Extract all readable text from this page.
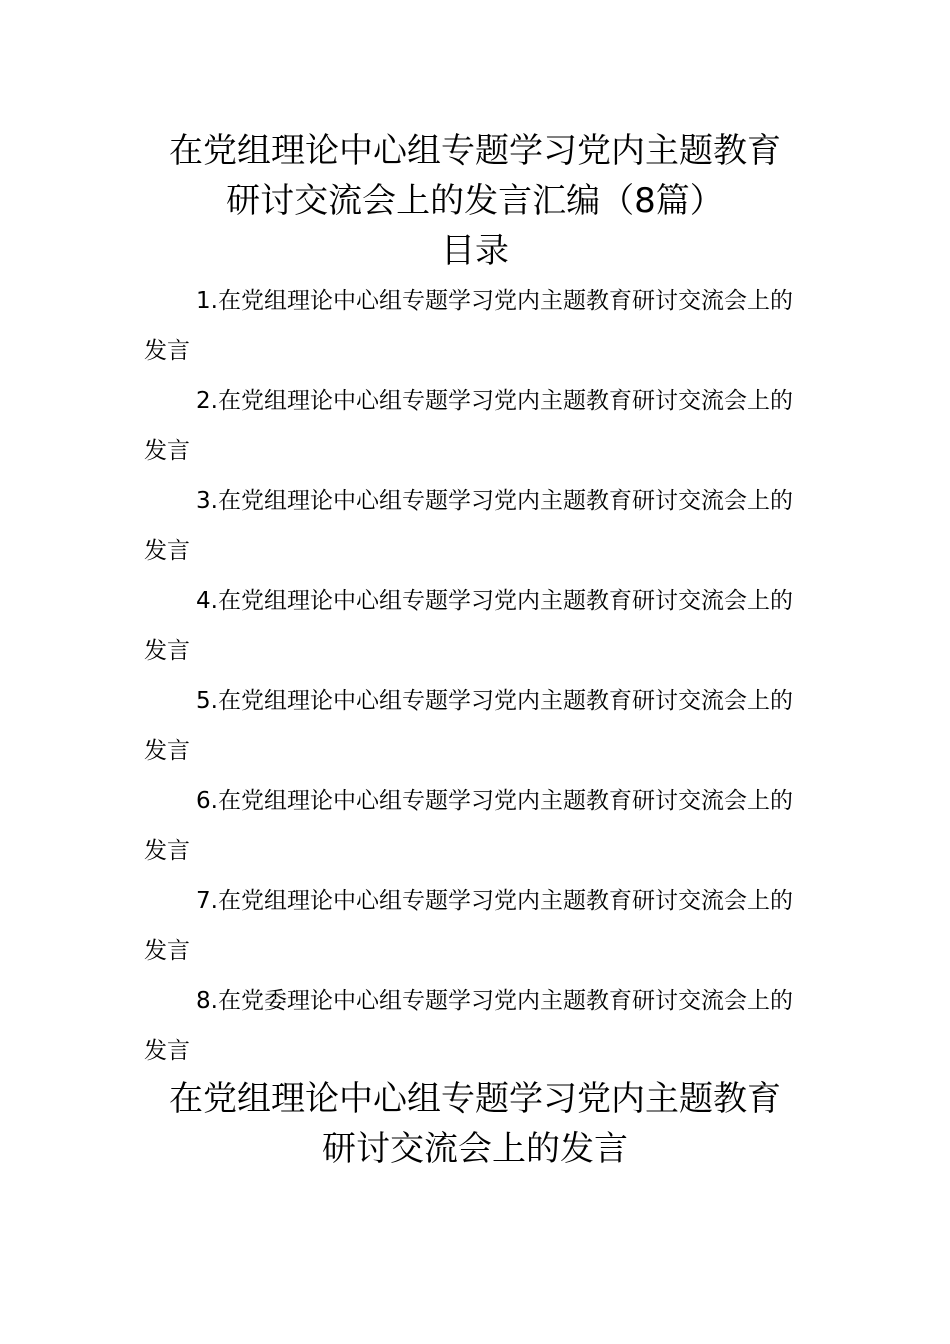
在党组理论中心组专题学习党内主题教育
研讨交流会上的发言汇编（8篇）
目录
1.在党组理论中心组专题学习党内主题教育研讨交流会上的发言
2.在党组理论中心组专题学习党内主题教育研讨交流会上的发言
3.在党组理论中心组专题学习党内主题教育研讨交流会上的发言
4.在党组理论中心组专题学习党内主题教育研讨交流会上的发言
5.在党组理论中心组专题学习党内主题教育研讨交流会上的发言
6.在党组理论中心组专题学习党内主题教育研讨交流会上的发言
7.在党组理论中心组专题学习党内主题教育研讨交流会上的发言
8.在党委理论中心组专题学习党内主题教育研讨交流会上的发言
在党组理论中心组专题学习党内主题教育
研讨交流会上的发言
